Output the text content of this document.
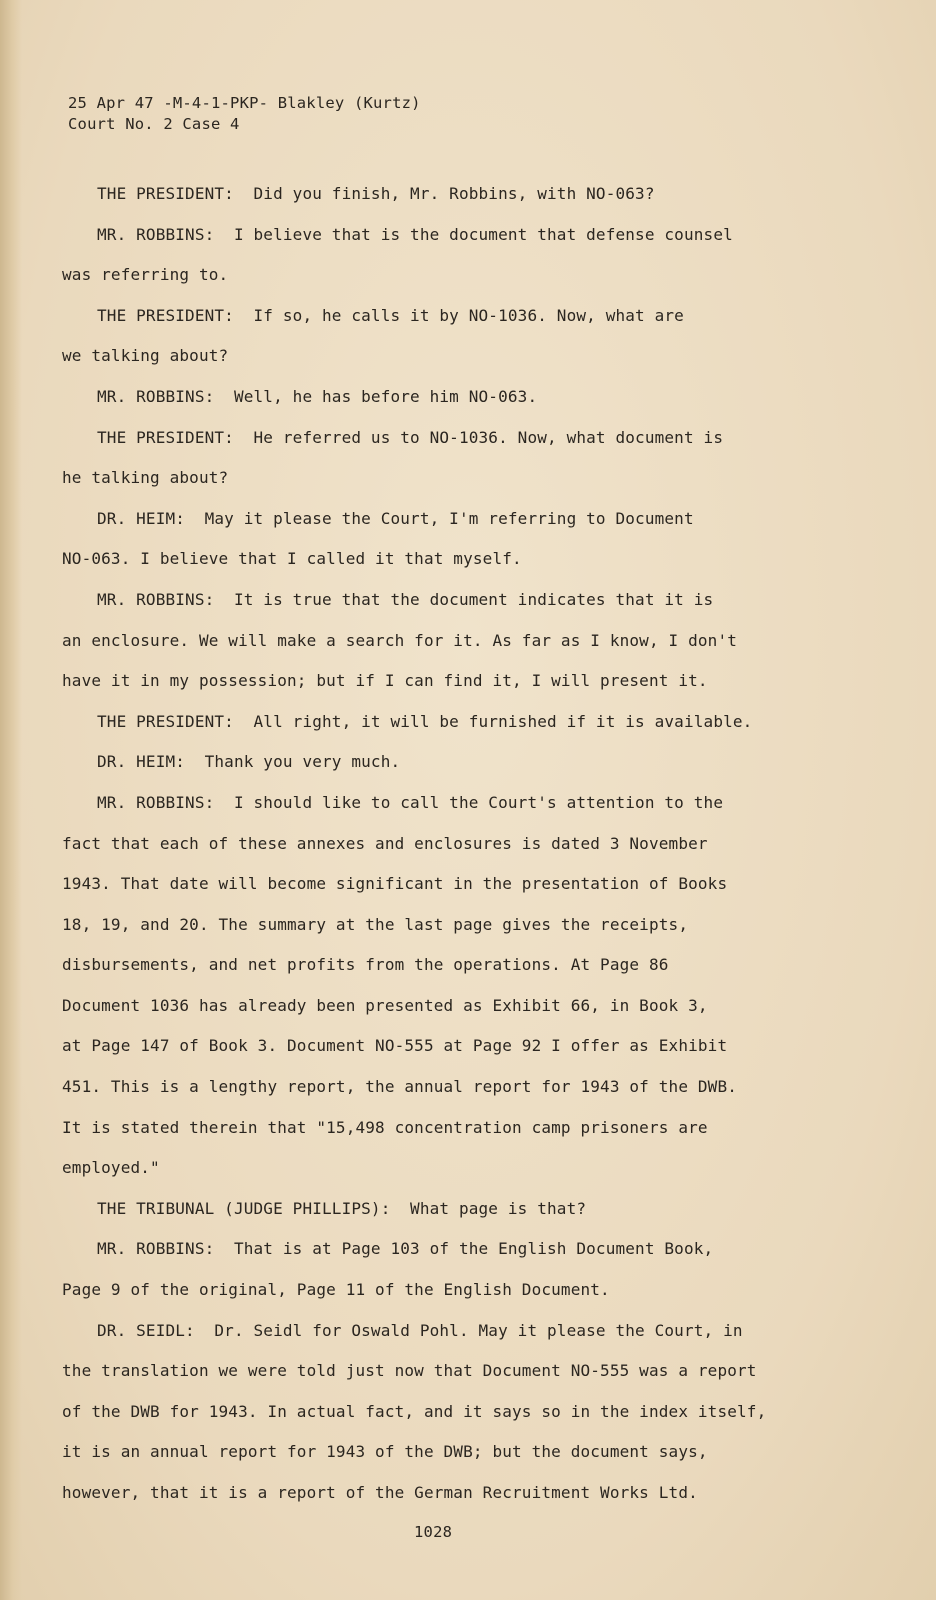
25 Apr 47 -M-4-1-PKP- Blakley (Kurtz)
Court No. 2 Case 4
THE PRESIDENT:  Did you finish, Mr. Robbins, with NO-063?
MR. ROBBINS:  I believe that is the document that defense counsel
was referring to.
THE PRESIDENT:  If so, he calls it by NO-1036. Now, what are
we talking about?
MR. ROBBINS:  Well, he has before him NO-063.
THE PRESIDENT:  He referred us to NO-1036. Now, what document is
he talking about?
DR. HEIM:  May it please the Court, I'm referring to Document
NO-063. I believe that I called it that myself.
MR. ROBBINS:  It is true that the document indicates that it is
an enclosure. We will make a search for it. As far as I know, I don't
have it in my possession; but if I can find it, I will present it.
THE PRESIDENT:  All right, it will be furnished if it is available.
DR. HEIM:  Thank you very much.
MR. ROBBINS:  I should like to call the Court's attention to the
fact that each of these annexes and enclosures is dated 3 November
1943. That date will become significant in the presentation of Books
18, 19, and 20. The summary at the last page gives the receipts,
disbursements, and net profits from the operations. At Page 86
Document 1036 has already been presented as Exhibit 66, in Book 3,
at Page 147 of Book 3. Document NO-555 at Page 92 I offer as Exhibit
451. This is a lengthy report, the annual report for 1943 of the DWB.
It is stated therein that "15,498 concentration camp prisoners are
employed."
THE TRIBUNAL (JUDGE PHILLIPS):  What page is that?
MR. ROBBINS:  That is at Page 103 of the English Document Book,
Page 9 of the original, Page 11 of the English Document.
DR. SEIDL:  Dr. Seidl for Oswald Pohl. May it please the Court, in
the translation we were told just now that Document NO-555 was a report
of the DWB for 1943. In actual fact, and it says so in the index itself,
it is an annual report for 1943 of the DWB; but the document says,
however, that it is a report of the German Recruitment Works Ltd.
1028
